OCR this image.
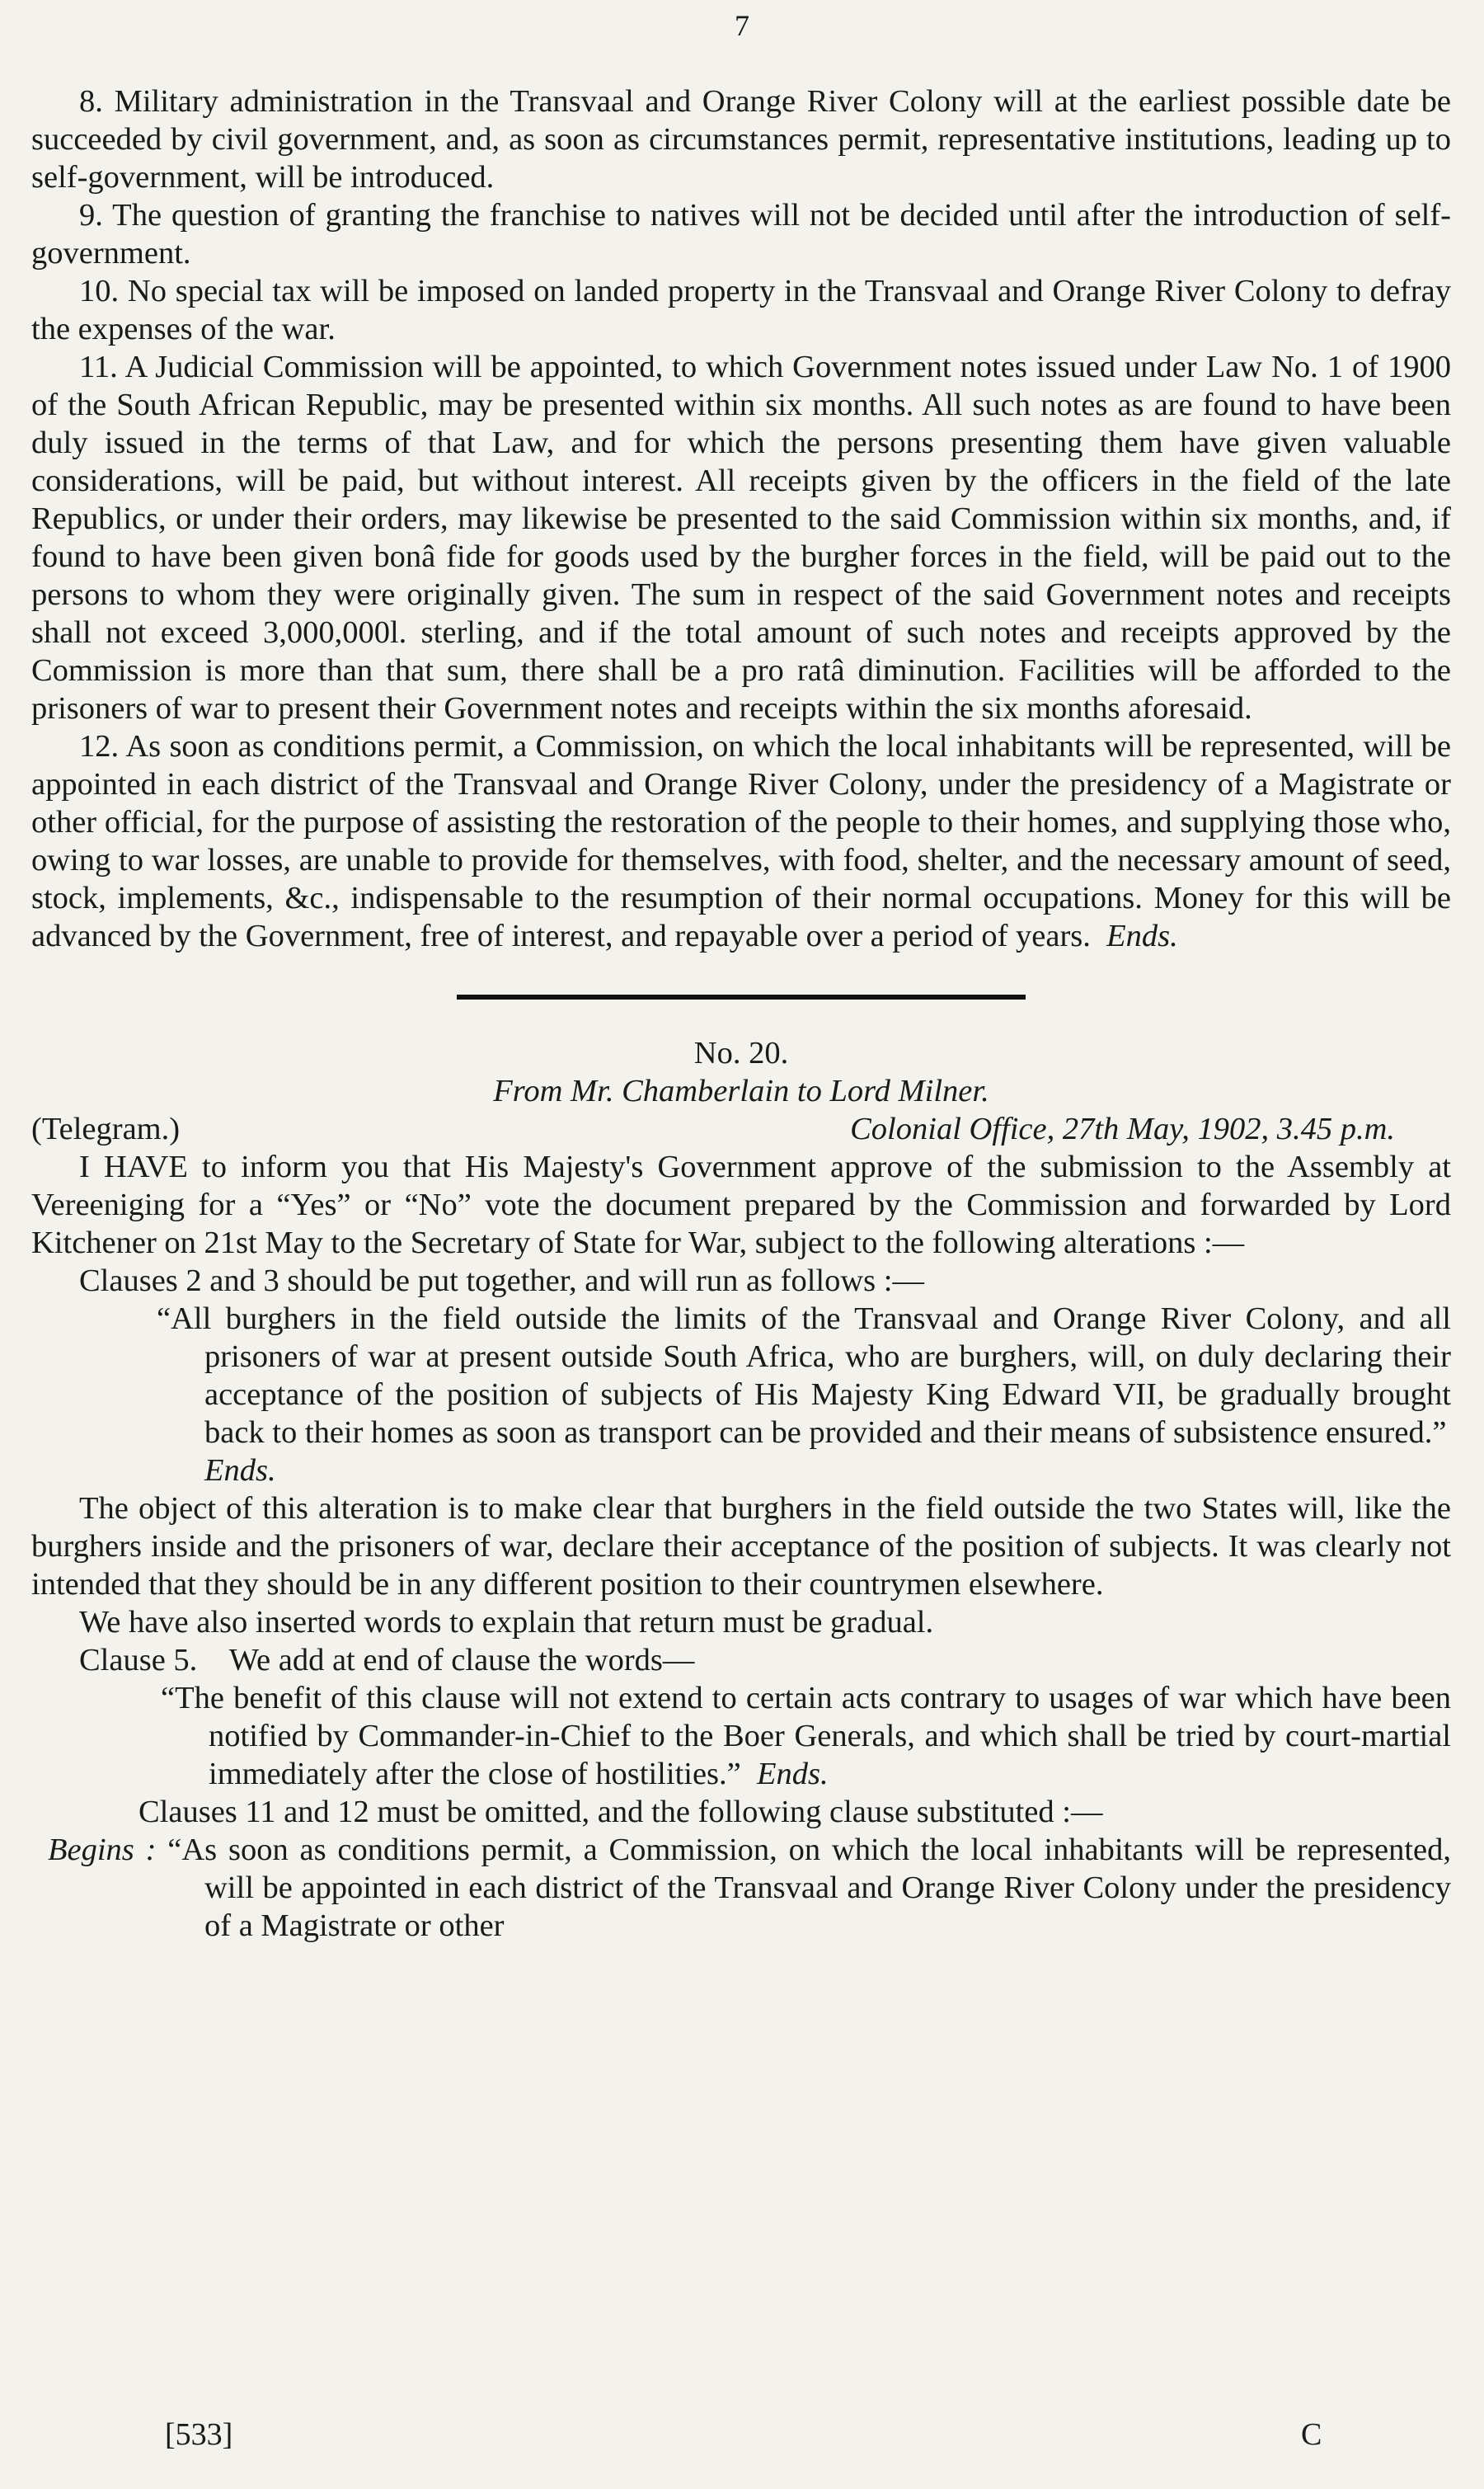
7

8. Military administration in the Transvaal and Orange River Colony will at the earliest possible date be succeeded by civil government, and, as soon as circumstances permit, representative institutions, leading up to self-government, will be introduced.

9. The question of granting the franchise to natives will not be decided until after the introduction of self-government.

10. No special tax will be imposed on landed property in the Transvaal and Orange River Colony to defray the expenses of the war.

11. A Judicial Commission will be appointed, to which Government notes issued under Law No. 1 of 1900 of the South African Republic, may be presented within six months. All such notes as are found to have been duly issued in the terms of that Law, and for which the persons presenting them have given valuable considerations, will be paid, but without interest. All receipts given by the officers in the field of the late Republics, or under their orders, may likewise be presented to the said Commission within six months, and, if found to have been given bonâ fide for goods used by the burgher forces in the field, will be paid out to the persons to whom they were originally given. The sum in respect of the said Government notes and receipts shall not exceed 3,000,000l. sterling, and if the total amount of such notes and receipts approved by the Commission is more than that sum, there shall be a pro ratâ diminution. Facilities will be afforded to the prisoners of war to present their Government notes and receipts within the six months aforesaid.

12. As soon as conditions permit, a Commission, on which the local inhabitants will be represented, will be appointed in each district of the Transvaal and Orange River Colony, under the presidency of a Magistrate or other official, for the purpose of assisting the restoration of the people to their homes, and supplying those who, owing to war losses, are unable to provide for themselves, with food, shelter, and the necessary amount of seed, stock, implements, &c., indispensable to the resumption of their normal occupations. Money for this will be advanced by the Government, free of interest, and repayable over a period of years. Ends.

No. 20.

From Mr. Chamberlain to Lord Milner.

(Telegram.)	Colonial Office, 27th May, 1902, 3.45 p.m.

I HAVE to inform you that His Majesty's Government approve of the submission to the Assembly at Vereeniging for a “Yes” or “No” vote the document prepared by the Commission and forwarded by Lord Kitchener on 21st May to the Secretary of State for War, subject to the following alterations :—

Clauses 2 and 3 should be put together, and will run as follows :—

“All burghers in the field outside the limits of the Transvaal and Orange River Colony, and all prisoners of war at present outside South Africa, who are burghers, will, on duly declaring their acceptance of the position of subjects of His Majesty King Edward VII, be gradually brought back to their homes as soon as transport can be provided and their means of subsistence ensured.”

Ends.

The object of this alteration is to make clear that burghers in the field outside the two States will, like the burghers inside and the prisoners of war, declare their acceptance of the position of subjects. It was clearly not intended that they should be in any different position to their countrymen elsewhere.

We have also inserted words to explain that return must be gradual.

Clause 5. We add at end of clause the words—

“The benefit of this clause will not extend to certain acts contrary to usages of war which have been notified by Commander-in-Chief to the Boer Generals, and which shall be tried by court-martial immediately after the close of hostilities.” Ends.

Clauses 11 and 12 must be omitted, and the following clause substituted :—

Begins : “As soon as conditions permit, a Commission, on which the local inhabitants will be represented, will be appointed in each district of the Transvaal and Orange River Colony under the presidency of a Magistrate or other

[533]	C
